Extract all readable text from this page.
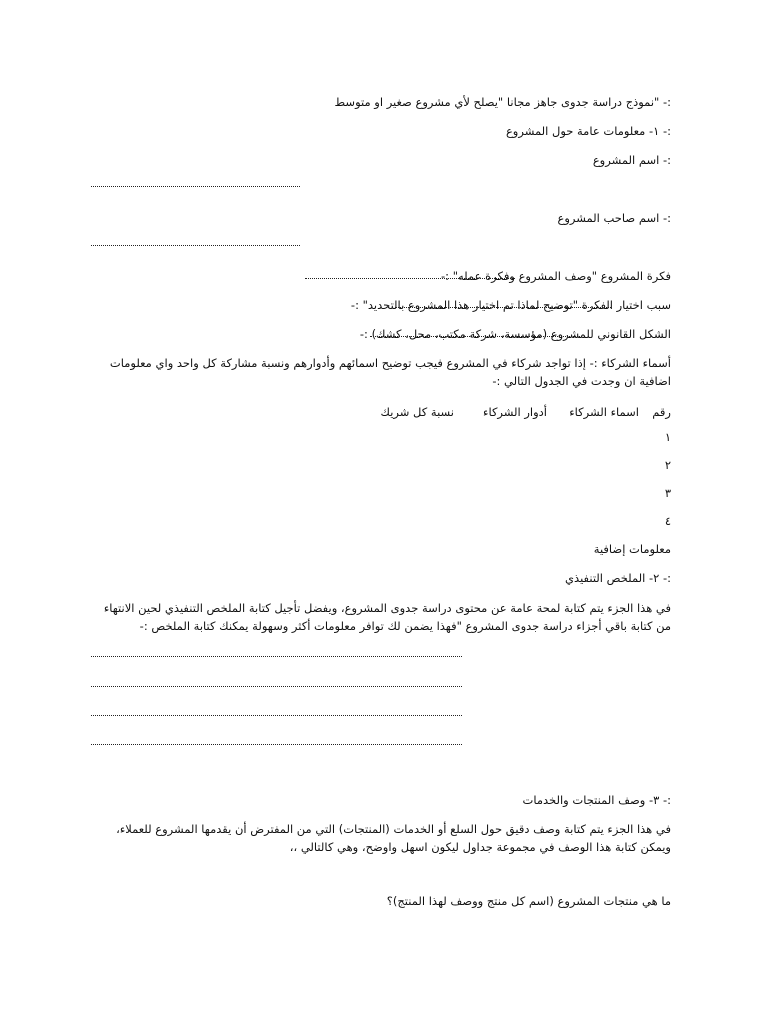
:- "نموذج دراسة جدوى جاهز مجانا "يصلح لأي مشروع صغير او متوسط
:- ١- معلومات عامة حول المشروع
:- اسم المشروع
:- اسم صاحب المشروع
فكرة المشروع "وصف المشروع وفكرة عمله" :-
سبب اختيار الفكرة "توضيح لماذا تم اختيار هذا المشروع بالتحديد" :-
الشكل القانوني للمشروع (مؤسسة، شركة مكتب، محل، كشك) :-
أسماء الشركاء :- إذا تواجد شركاء في المشروع فيجب توضيح اسمائهم وأدوارهم ونسبة مشاركة كل واحد واي معلومات اضافية ان وجدت في الجدول التالي :-
رقم
اسماء الشركاء
أدوار الشركاء
نسبة كل شريك
١
٢
٣
٤
معلومات إضافية
:- ٢- الملخص التنفيذي
في هذا الجزء يتم كتابة لمحة عامة عن محتوى دراسة جدوى المشروع، ويفضل تأجيل كتابة الملخص التنفيذي لحين الانتهاء من كتابة باقي أجزاء دراسة جدوى المشروع "فهذا يضمن لك توافر معلومات أكثر وسهولة يمكنك كتابة الملخص :-
:- ٣- وصف المنتجات والخدمات
في هذا الجزء يتم كتابة وصف دقيق حول السلع أو الخدمات (المنتجات) التي من المفترض أن يقدمها المشروع للعملاء، ويمكن كتابة هذا الوصف في مجموعة جداول ليكون اسهل واوضح، وهي كالتالي ،،
ما هي منتجات المشروع (اسم كل منتج ووصف لهذا المنتج)؟
